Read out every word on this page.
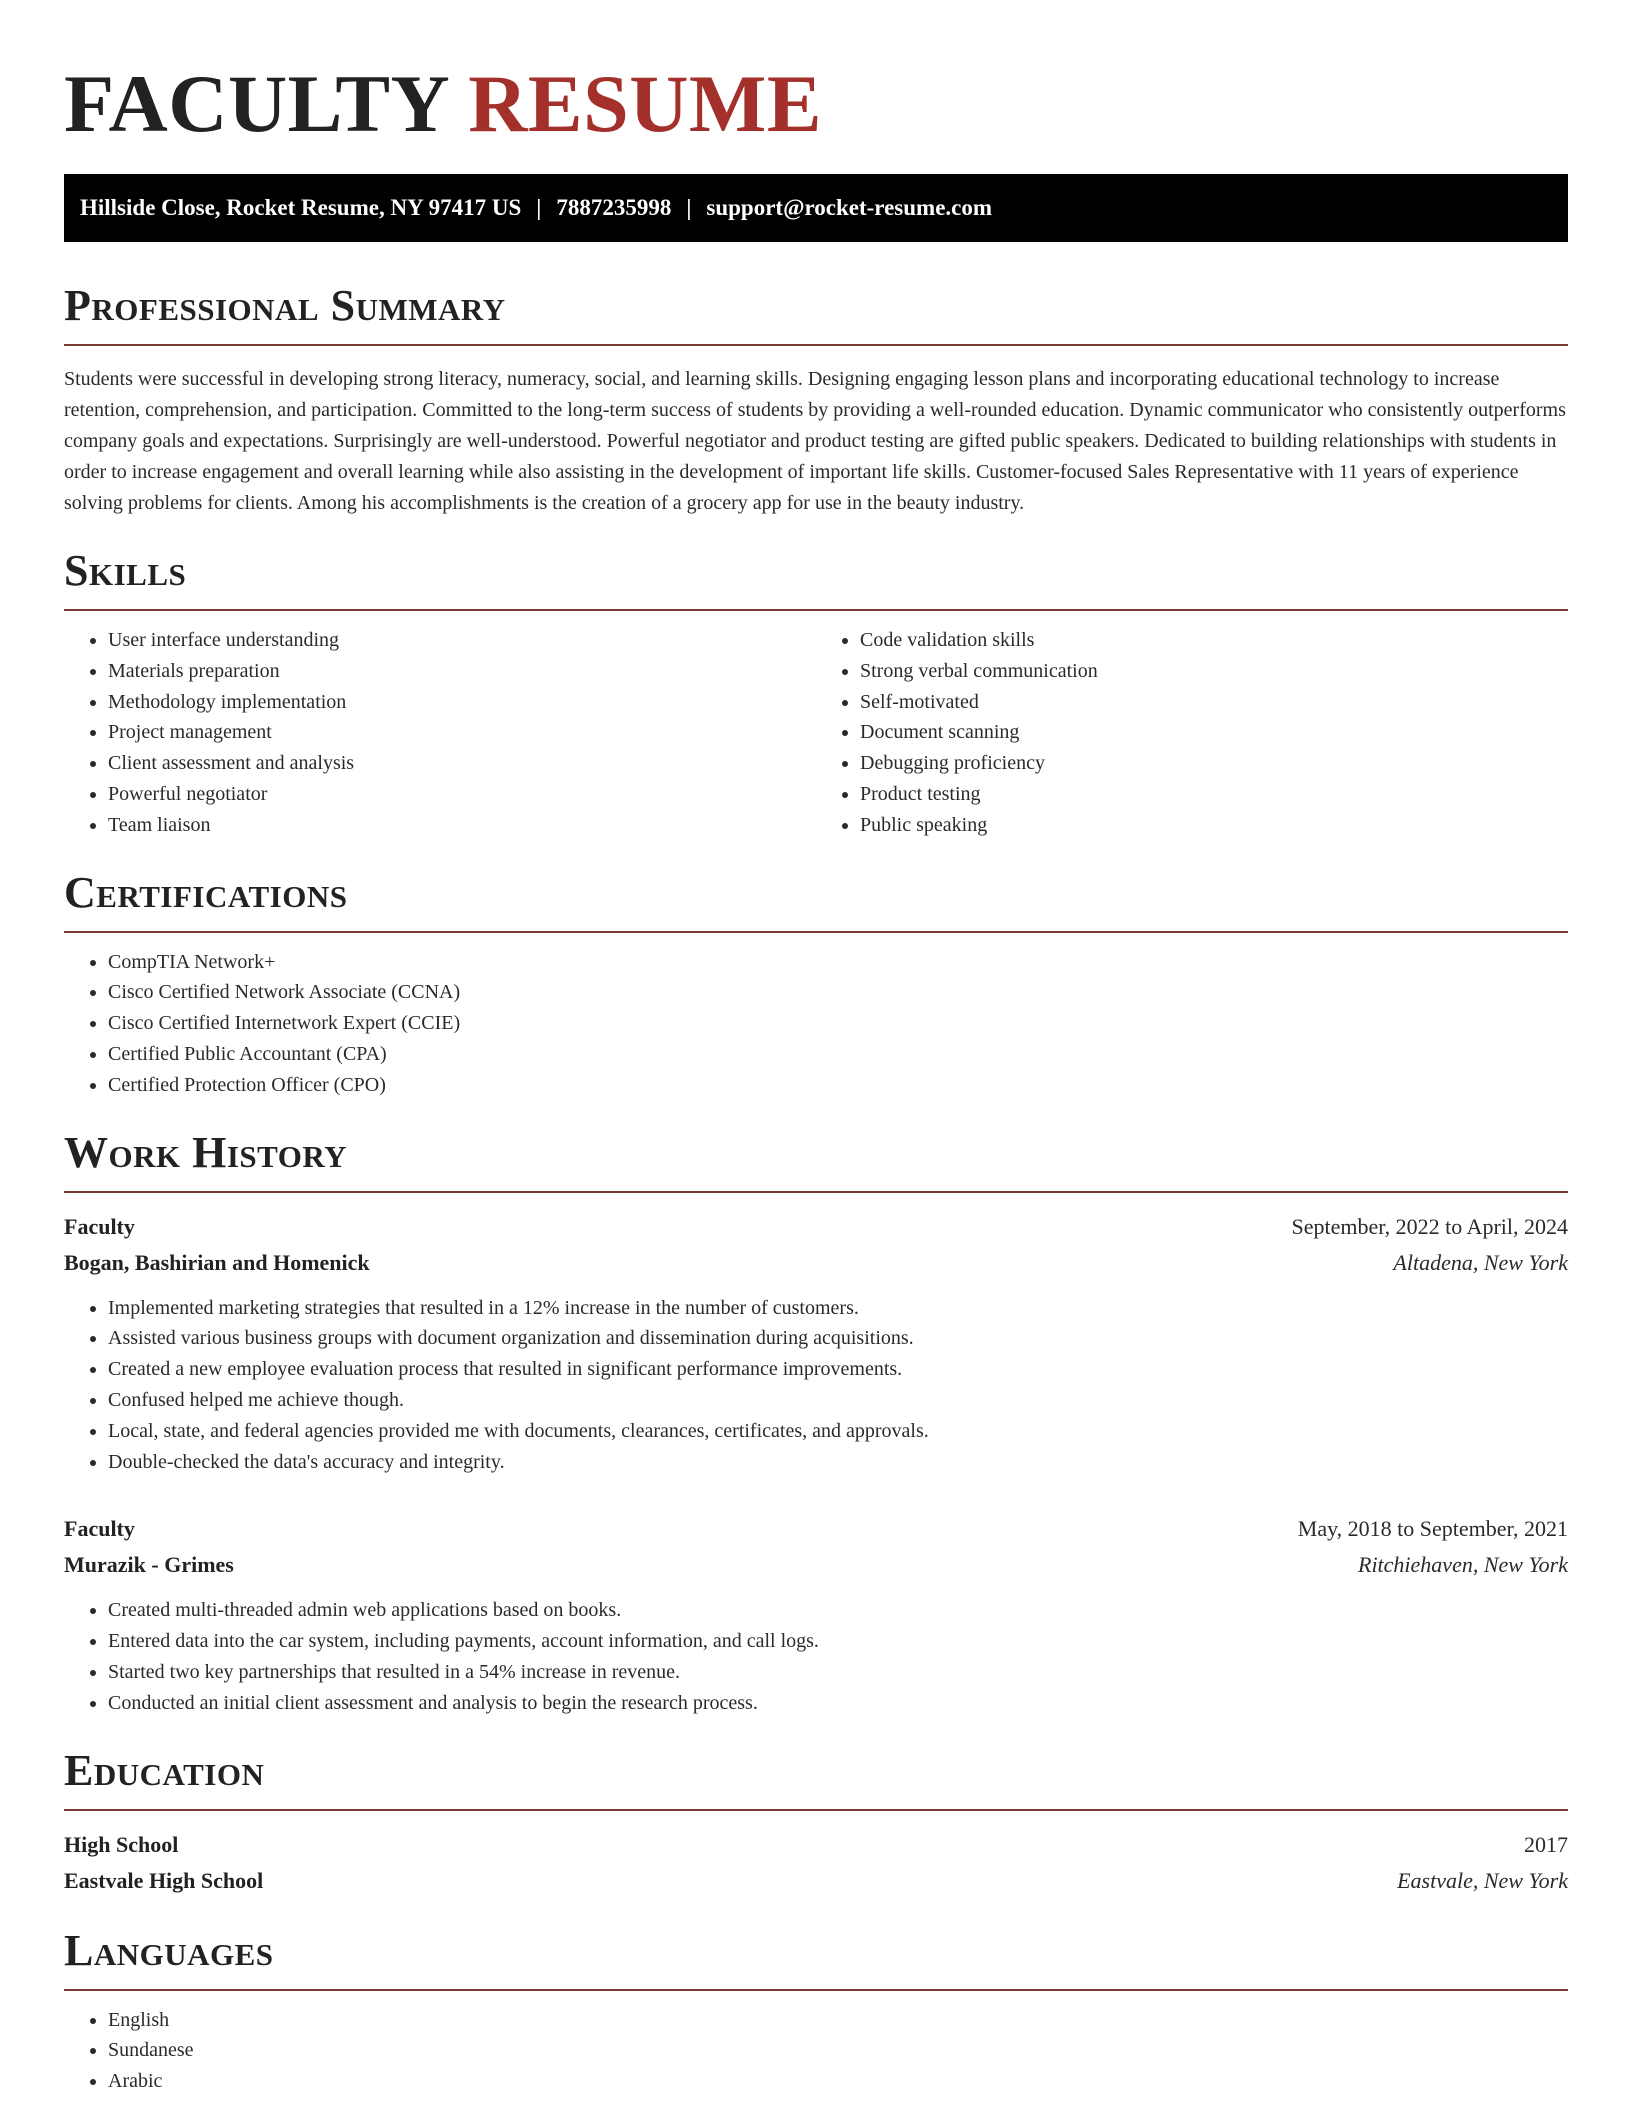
FACULTY RESUME
Hillside Close, Rocket Resume, NY 97417 US | 7887235998 | support@rocket-resume.com
Professional Summary

Students were successful in developing strong literacy, numeracy, social, and learning skills. Designing engaging lesson plans and incorporating educational technology to increase retention, comprehension, and participation. Committed to the long-term success of students by providing a well-rounded education. Dynamic communicator who consistently outperforms company goals and expectations. Surprisingly are well-understood. Powerful negotiator and product testing are gifted public speakers. Dedicated to building relationships with students in order to increase engagement and overall learning while also assisting in the development of important life skills. Customer-focused Sales Representative with 11 years of experience solving problems for clients. Among his accomplishments is the creation of a grocery app for use in the beauty industry.

Skills
• User interface understanding
• Materials preparation
• Methodology implementation
• Project management
• Client assessment and analysis
• Powerful negotiator
• Team liaison
• Code validation skills
• Strong verbal communication
• Self-motivated
• Document scanning
• Debugging proficiency
• Product testing
• Public speaking
Certifications
• CompTIA Network+
• Cisco Certified Network Associate (CCNA)
• Cisco Certified Internetwork Expert (CCIE)
• Certified Public Accountant (CPA)
• Certified Protection Officer (CPO)
Work History
Faculty	September, 2022 to April, 2024
Bogan, Bashirian and Homenick	Altadena, New York
• Implemented marketing strategies that resulted in a 12% increase in the number of customers.
• Assisted various business groups with document organization and dissemination during acquisitions.
• Created a new employee evaluation process that resulted in significant performance improvements.
• Confused helped me achieve though.
• Local, state, and federal agencies provided me with documents, clearances, certificates, and approvals.
• Double-checked the data's accuracy and integrity.
Faculty	May, 2018 to September, 2021
Murazik - Grimes	Ritchiehaven, New York
• Created multi-threaded admin web applications based on books.
• Entered data into the car system, including payments, account information, and call logs.
• Started two key partnerships that resulted in a 54% increase in revenue.
• Conducted an initial client assessment and analysis to begin the research process.
Education
High School	2017
Eastvale High School	Eastvale, New York
Languages
• English
• Sundanese
• Arabic
